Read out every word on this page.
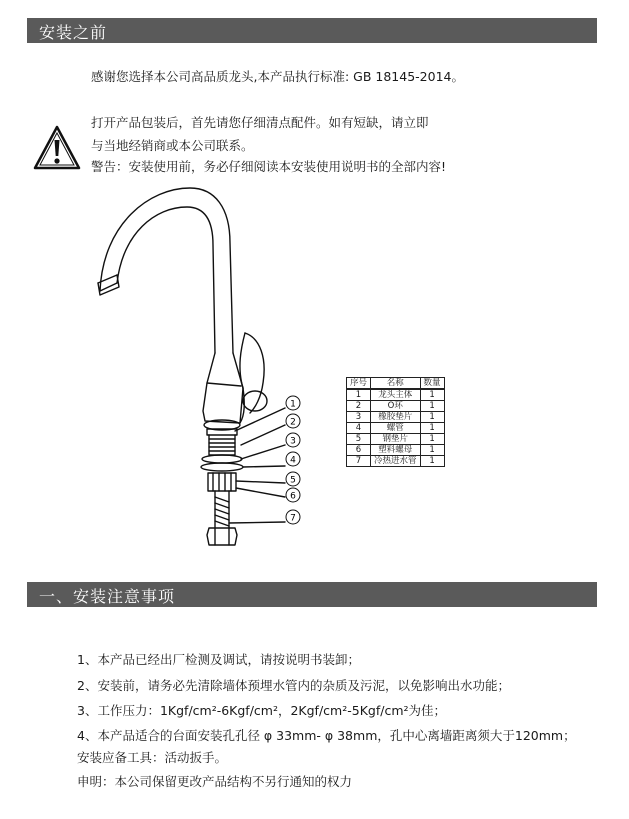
安装之前
感谢您选择本公司高品质龙头,本产品执行标准: GB 18145-2014。
打开产品包装后，首先请您仔细清点配件。如有短缺，请立即
与当地经销商或本公司联系。
警告：安装使用前，务必仔细阅读本安装使用说明书的全部内容!
1
2
3
4
5
6
7
序号	名称	数量
1	龙头主体	1
2	O环	1
3	橡胶垫片	1
4	螺管	1
5	钢垫片	1
6	塑料螺母	1
7	冷热进水管	1
一、安装注意事项
1、本产品已经出厂检测及调试，请按说明书装卸；
2、安装前，请务必先清除墙体预埋水管内的杂质及污泥，以免影响出水功能；
3、工作压力：1Kgf/cm²-6Kgf/cm²，2Kgf/cm²-5Kgf/cm²为佳；
4、本产品适合的台面安装孔孔径 φ 33mm- φ 38mm，孔中心离墙距离须大于120mm；
安装应备工具：活动扳手。
申明：本公司保留更改产品结构不另行通知的权力
